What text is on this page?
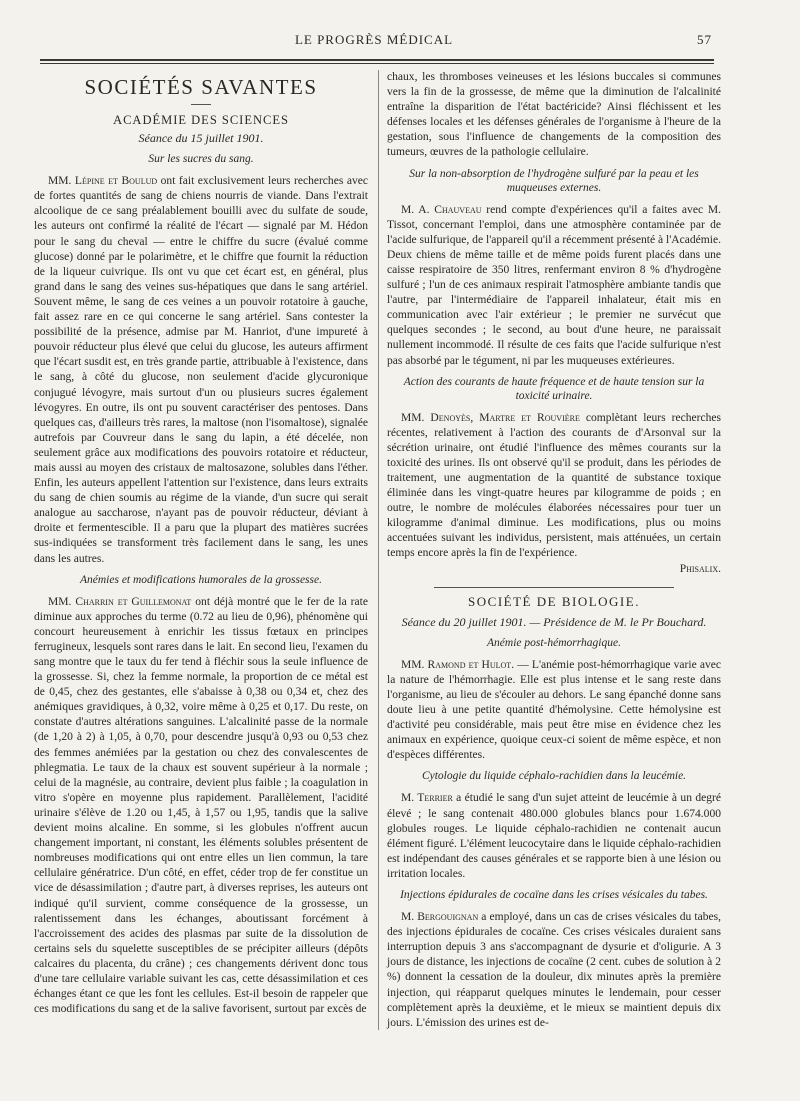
LE PROGRÈS MÉDICAL	57
SOCIÉTÉS SAVANTES
ACADÉMIE DES SCIENCES
Séance du 15 juillet 1901.
Sur les sucres du sang.

MM. Lépine et Boulud ont fait exclusivement leurs recherches avec de fortes quantités de sang de chiens nourris de viande. Dans l'extrait alcoolique de ce sang préalablement bouilli avec du sulfate de soude, les auteurs ont confirmé la réalité de l'écart — signalé par M. Hédon pour le sang du cheval — entre le chiffre du sucre (évalué comme glucose) donné par le polarimètre, et le chiffre que fournit la réduction de la liqueur cuivrique. Ils ont vu que cet écart est, en général, plus grand dans le sang des veines sus-hépatiques que dans le sang artériel. Souvent même, le sang de ces veines a un pouvoir rotatoire à gauche, fait assez rare en ce qui concerne le sang artériel. Sans contester la possibilité de la présence, admise par M. Hanriot, d'une impureté à pouvoir réducteur plus élevé que celui du glucose, les auteurs affirment que l'écart susdit est, en très grande partie, attribuable à l'existence, dans le sang, à côté du glucose, non seulement d'acide glycuronique conjugué lévogyre, mais surtout d'un ou plusieurs sucres également lévogyres. En outre, ils ont pu souvent caractériser des pentoses. Dans quelques cas, d'ailleurs très rares, la maltose (non l'isomaltose), signalée autrefois par Couvreur dans le sang du lapin, a été décelée, non seulement grâce aux modifications des pouvoirs rotatoire et réducteur, mais aussi au moyen des cristaux de maltosazone, solubles dans l'éther. Enfin, les auteurs appellent l'attention sur l'existence, dans leurs extraits du sang de chien soumis au régime de la viande, d'un sucre qui serait analogue au saccharose, n'ayant pas de pouvoir réducteur, déviant à droite et fermentescible. Il a paru que la plupart des matières sucrées sus-indiquées se transforment très facilement dans le sang, les unes dans les autres.

Anémies et modifications humorales de la grossesse.

MM. Charrin et Guillemonat ont déjà montré que le fer de la rate diminue aux approches du terme (0.72 au lieu de 0,96), phénomène qui concourt heureusement à enrichir les tissus fœtaux en principes ferrugineux, lesquels sont rares dans le lait. En second lieu, l'examen du sang montre que le taux du fer tend à fléchir sous la seule influence de la grossesse. Si, chez la femme normale, la proportion de ce métal est de 0,45, chez des gestantes, elle s'abaisse à 0,38 ou 0,34 et, chez des anémiques gravidiques, à 0,32, voire même à 0,25 et 0,17. Du reste, on constate d'autres altérations sanguines. L'alcalinité passe de la normale (de 1,20 à 2) à 1,05, à 0,70, pour descendre jusqu'à 0,93 ou 0,53 chez des femmes anémiées par la gestation ou chez des convalescentes de phlegmatia. Le taux de la chaux est souvent supérieur à la normale ; celui de la magnésie, au contraire, devient plus faible ; la coagulation in vitro s'opère en moyenne plus rapidement. Parallèlement, l'acidité urinaire s'élève de 1.20 ou 1,45, à 1,57 ou 1,95, tandis que la salive devient moins alcaline. En somme, si les globules n'offrent aucun changement important, ni constant, les éléments solubles présentent de nombreuses modifications qui ont entre elles un lien commun, la tare cellulaire génératrice. D'un côté, en effet, céder trop de fer constitue un vice de désassimilation ; d'autre part, à diverses reprises, les auteurs ont indiqué qu'il survient, comme conséquence de la grossesse, un ralentissement dans les échanges, aboutissant forcément à l'accroissement des acides des plasmas par suite de la dissolution de certains sels du squelette susceptibles de se précipiter ailleurs (dépôts calcaires du placenta, du crâne) ; ces changements dérivent donc tous d'une tare cellulaire variable suivant les cas, cette désassimilation et ces échanges étant ce que les font les cellules. Est-il besoin de rappeler que ces modifications du sang et de la salive favorisent, surtout par excès de

chaux, les thromboses veineuses et les lésions buccales si communes vers la fin de la grossesse, de même que la diminution de l'alcalinité entraîne la disparition de l'état bactéricide? Ainsi fléchissent et les défenses locales et les défenses générales de l'organisme à l'heure de la gestation, sous l'influence de changements de la composition des tumeurs, œuvres de la pathologie cellulaire.

Sur la non-absorption de l'hydrogène sulfuré par la peau et les muqueuses externes.

M. A. Chauveau rend compte d'expériences qu'il a faites avec M. Tissot, concernant l'emploi, dans une atmosphère contaminée par de l'acide sulfurique, de l'appareil qu'il a récemment présenté à l'Académie. Deux chiens de même taille et de même poids furent placés dans une caisse respiratoire de 350 litres, renfermant environ 8 % d'hydrogène sulfuré ; l'un de ces animaux respirait l'atmosphère ambiante tandis que l'autre, par l'intermédiaire de l'appareil inhalateur, était mis en communication avec l'air extérieur ; le premier ne survécut que quelques secondes ; le second, au bout d'une heure, ne paraissait nullement incommodé. Il résulte de ces faits que l'acide sulfurique n'est pas absorbé par le tégument, ni par les muqueuses extérieures.

Action des courants de haute fréquence et de haute tension sur la toxicité urinaire.

MM. Denoyès, Martre et Rouvière complètant leurs recherches récentes, relativement à l'action des courants de d'Arsonval sur la sécrétion urinaire, ont étudié l'influence des mêmes courants sur la toxicité des urines. Ils ont observé qu'il se produit, dans les périodes de traitement, une augmentation de la quantité de substance toxique éliminée dans les vingt-quatre heures par kilogramme de poids ; en outre, le nombre de molécules élaborées nécessaires pour tuer un kilogramme d'animal diminue. Les modifications, plus ou moins accentuées suivant les individus, persistent, mais atténuées, un certain temps encore après la fin de l'expérience.

Phisalix.

SOCIÉTÉ DE BIOLOGIE.
Séance du 20 juillet 1901. — Présidence de M. le Pr Bouchard.
Anémie post-hémorrhagique.

MM. Ramond et Hulot. — L'anémie post-hémorrhagique varie avec la nature de l'hémorrhagie. Elle est plus intense et le sang reste dans l'organisme, au lieu de s'écouler au dehors. Le sang épanché donne sans doute lieu à une petite quantité d'hémolysine. Cette hémolysine est d'activité peu considérable, mais peut être mise en évidence chez les animaux en expérience, quoique ceux-ci soient de même espèce, et non d'espèces différentes.

Cytologie du liquide céphalo-rachidien dans la leucémie.

M. Terrier a étudié le sang d'un sujet atteint de leucémie à un degré élevé ; le sang contenait 480.000 globules blancs pour 1.674.000 globules rouges. Le liquide céphalo-rachidien ne contenait aucun élément figuré. L'élément leucocytaire dans le liquide céphalo-rachidien est indépendant des causes générales et se rapporte bien à une lésion ou irritation locales.

Injections épidurales de cocaïne dans les crises vésicales du tabes.

M. Bergouignan a employé, dans un cas de crises vésicales du tabes, des injections épidurales de cocaïne. Ces crises vésicales duraient sans interruption depuis 3 ans s'accompagnant de dysurie et d'oligurie. A 3 jours de distance, les injections de cocaïne (2 cent. cubes de solution à 2 %) donnent la cessation de la douleur, dix minutes après la première injection, qui réapparut quelques minutes le lendemain, pour cesser complètement après la deuxième, et le mieux se maintient depuis dix jours. L'émission des urines est de-
